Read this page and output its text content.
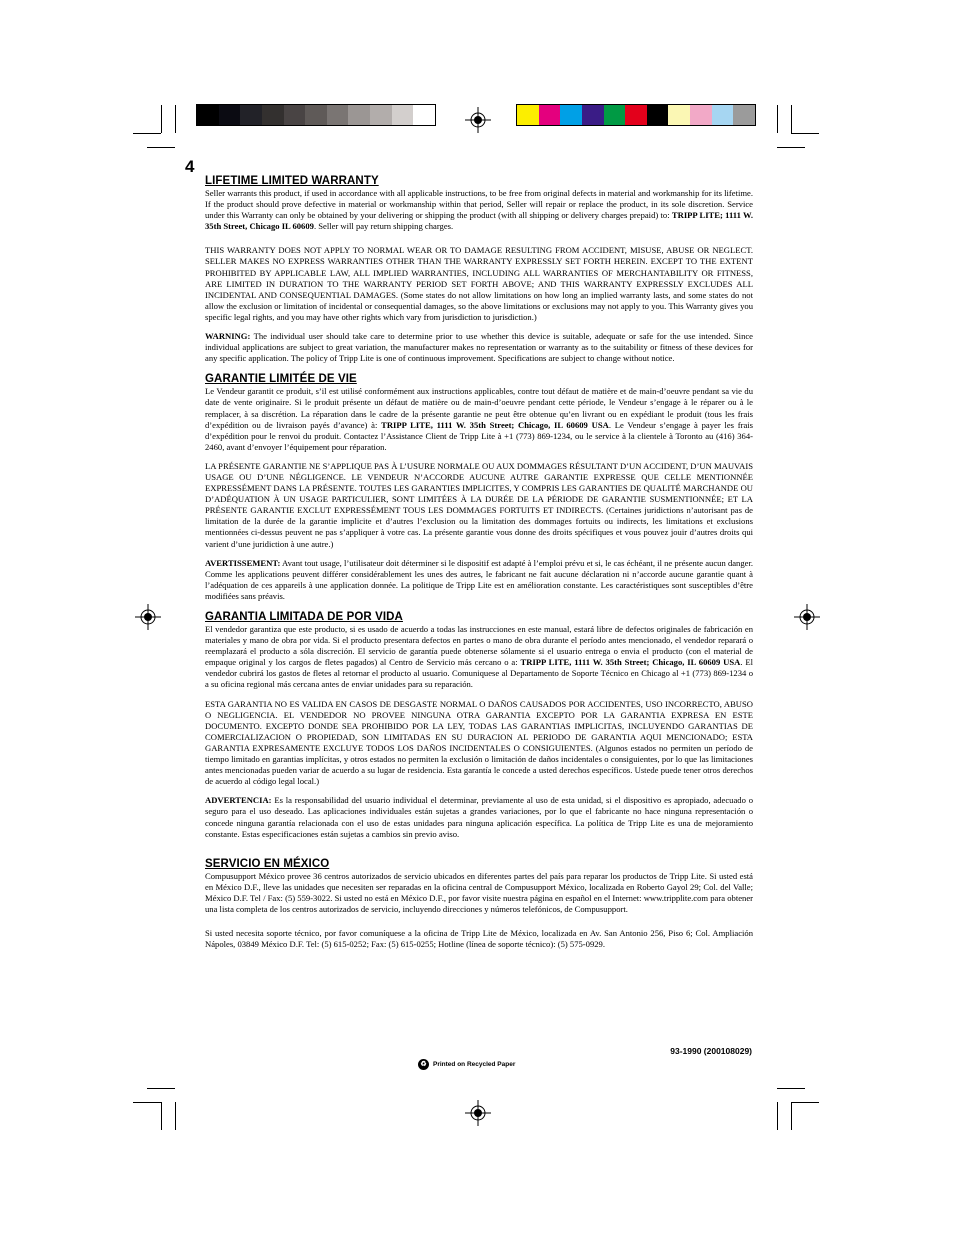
4
LIFETIME LIMITED WARRANTY

Seller warrants this product, if used in accordance with all applicable instructions, to be free from original defects in material and workmanship for its lifetime. If the product should prove defective in material or workmanship within that period, Seller will repair or replace the product, in its sole discretion. Service under this Warranty can only be obtained by your delivering or shipping the product (with all shipping or delivery charges prepaid) to: TRIPP LITE; 1111 W. 35th Street, Chicago IL 60609. Seller will pay return shipping charges.

THIS WARRANTY DOES NOT APPLY TO NORMAL WEAR OR TO DAMAGE RESULTING FROM ACCIDENT, MISUSE, ABUSE OR NEGLECT. SELLER MAKES NO EXPRESS WARRANTIES OTHER THAN THE WARRANTY EXPRESSLY SET FORTH HEREIN. EXCEPT TO THE EXTENT PROHIBITED BY APPLICABLE LAW, ALL IMPLIED WARRANTIES, INCLUDING ALL WARRANTIES OF MERCHANTABILITY OR FITNESS, ARE LIMITED IN DURATION TO THE WARRANTY PERIOD SET FORTH ABOVE; AND THIS WARRANTY EXPRESSLY EXCLUDES ALL INCIDENTAL AND CONSEQUENTIAL DAMAGES. (Some states do not allow limitations on how long an implied warranty lasts, and some states do not allow the exclusion or limitation of incidental or consequential damages, so the above limitations or exclusions may not apply to you. This Warranty gives you specific legal rights, and you may have other rights which vary from jurisdiction to jurisdiction.)

WARNING: The individual user should take care to determine prior to use whether this device is suitable, adequate or safe for the use intended. Since individual applications are subject to great variation, the manufacturer makes no representation or warranty as to the suitability or fitness of these devices for any specific application. The policy of Tripp Lite is one of continuous improvement. Specifications are subject to change without notice.

GARANTIE LIMITÉE DE VIE

Le Vendeur garantit ce produit, s’il est utilisé conformément aux instructions applicables, contre tout défaut de matière et de main-d’oeuvre pendant sa vie du date de vente originaire. Si le produit présente un défaut de matière ou de main-d’oeuvre pendant cette période, le Vendeur s’engage à le réparer ou à le remplacer, à sa discrétion. La réparation dans le cadre de la présente garantie ne peut être obtenue qu’en livrant ou en expédiant le produit (tous les frais d’expédition ou de livraison payés d’avance) à: TRIPP LITE, 1111 W. 35th Street; Chicago, IL 60609 USA. Le Vendeur s’engage à payer les frais d’expédition pour le renvoi du produit. Contactez l’Assistance Client de Tripp Lite à +1 (773) 869-1234, ou le service à la clientele à Toronto au (416) 364-2460, avant d’envoyer l’équipement pour réparation.

LA PRÉSENTE GARANTIE NE S’APPLIQUE PAS À L’USURE NORMALE OU AUX DOMMAGES RÉSULTANT D’UN ACCIDENT, D’UN MAUVAIS USAGE OU D’UNE NÉGLIGENCE. LE VENDEUR N’ACCORDE AUCUNE AUTRE GARANTIE EXPRESSE QUE CELLE MENTIONNÉE EXPRESSÉMENT DANS LA PRÉSENTE. TOUTES LES GARANTIES IMPLICITES, Y COMPRIS LES GARANTIES DE QUALITÉ MARCHANDE OU D’ADÉQUATION À UN USAGE PARTICULIER, SONT LIMITÉES À LA DURÉE DE LA PÉRIODE DE GARANTIE SUSMENTIONNÉE; ET LA PRÉSENTE GARANTIE EXCLUT EXPRESSÉMENT TOUS LES DOMMAGES FORTUITS ET INDIRECTS. (Certaines juridictions n’autorisant pas de limitation de la durée de la garantie implicite et d’autres l’exclusion ou la limitation des dommages fortuits ou indirects, les limitations et exclusions mentionnées ci-dessus peuvent ne pas s’appliquer à votre cas. La présente garantie vous donne des droits spécifiques et vous pouvez jouir d’autres droits qui varient d’une juridiction à une autre.)

AVERTISSEMENT: Avant tout usage, l’utilisateur doit déterminer si le dispositif est adapté à l’emploi prévu et si, le cas échéant, il ne présente aucun danger. Comme les applications peuvent différer considérablement les unes des autres, le fabricant ne fait aucune déclaration ni n’accorde aucune garantie quant à l’adéquation de ces appareils à une application donnée. La politique de Tripp Lite est en amélioration constante. Les caractéristiques sont susceptibles d’être modifiées sans préavis.

GARANTIA LIMITADA DE POR VIDA

El vendedor garantiza que este producto, si es usado de acuerdo a todas las instrucciones en este manual, estará libre de defectos originales de fabricación en materiales y mano de obra por vida. Si el producto presentara defectos en partes o mano de obra durante el período antes mencionado, el vendedor reparará o reemplazará el producto a sóla discreción. El servicio de garantía puede obtenerse sólamente si el usuario entrega o envia el producto (con el material de empaque original y los cargos de fletes pagados) al Centro de Servicio más cercano o a: TRIPP LITE, 1111 W. 35th Street; Chicago, IL 60609 USA. El vendedor cubrirá los gastos de fletes al retornar el producto al usuario. Comuniquese al Departamento de Soporte Técnico en Chicago al +1 (773) 869-1234 o a su oficina regional más cercana antes de enviar unidades para su reparación.

ESTA GARANTIA NO ES VALIDA EN CASOS DE DESGASTE NORMAL O DAÑOS CAUSADOS POR ACCIDENTES, USO INCORRECTO, ABUSO O NEGLIGENCIA. EL VENDEDOR NO PROVEE NINGUNA OTRA GARANTIA EXCEPTO POR LA GARANTIA EXPRESA EN ESTE DOCUMENTO. EXCEPTO DONDE SEA PROHIBIDO POR LA LEY, TODAS LAS GARANTIAS IMPLICITAS, INCLUYENDO GARANTIAS DE COMERCIALIZACION O PROPIEDAD, SON LIMITADAS EN SU DURACION AL PERIODO DE GARANTIA AQUI MENCIONADO; ESTA GARANTIA EXPRESAMENTE EXCLUYE TODOS LOS DAÑOS INCIDENTALES O CONSIGUIENTES. (Algunos estados no permiten un período de tiempo limitado en garantias implícitas, y otros estados no permiten la exclusión o limitación de daños incidentales o consiguientes, por lo que las limitaciones antes mencionadas pueden variar de acuerdo a su lugar de residencia. Esta garantía le concede a usted derechos específicos. Ustede puede tener otros derechos de acuerdo al código legal local.)

ADVERTENCIA: Es la responsabilidad del usuario individual el determinar, previamente al uso de esta unidad, si el dispositivo es apropiado, adecuado o seguro para el uso deseado. Las aplicaciones individuales están sujetas a grandes variaciones, por lo que el fabricante no hace ninguna representación o concede ninguna garantía relacionada con el uso de estas unidades para ninguna aplicación específica. La política de Tripp Lite es una de mejoramiento constante. Estas especificaciones están sujetas a cambios sin previo aviso.

SERVICIO EN MÉXICO

Compusupport México provee 36 centros autorizados de servicio ubicados en diferentes partes del país para reparar los productos de Tripp Lite. Si usted está en México D.F., lleve las unidades que necesiten ser reparadas en la oficina central de Compusupport México, localizada en Roberto Gayol 29; Col. del Valle; México D.F. Tel / Fax: (5) 559-3022. Si usted no está en México D.F., por favor visite nuestra página en español en el Internet: www.tripplite.com para obtener una lista completa de los centros autorizados de servicio, incluyendo direcciones y números telefónicos, de Compusupport.

Si usted necesita soporte técnico, por favor comuníquese a la oficina de Tripp Lite de México, localizada en Av. San Antonio 256, Piso 6; Col. Ampliación Nápoles, 03849 México D.F. Tel: (5) 615-0252; Fax: (5) 615-0255; Hotline (línea de soporte técnico): (5) 575-0929.

93-1990 (200108029)
♻ Printed on Recycled Paper
